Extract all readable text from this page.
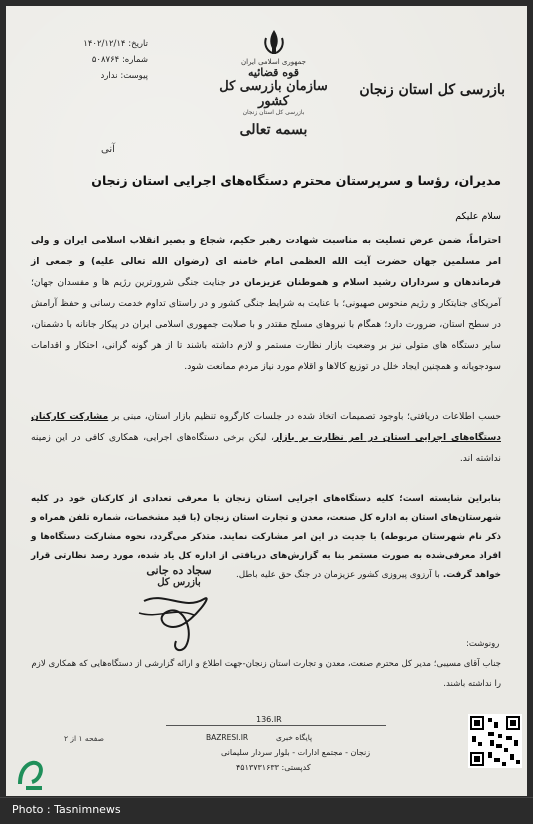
تاریخ: ۱۴۰۲/۱۲/۱۴
شماره: ۵۰۸۷۶۴
پیوست: ندارد
جمهوری اسلامی ایران
قوه قضائیه
سازمان بازرسی کل کشور
بازرسی کل استان زنجان
بسمه تعالی
بازرسی کل استان زنجان
آنی
مدیران، رؤسا و سرپرستان محترم دستگاه‌های اجرایی استان زنجان
سلام علیکم
احتراماً، ضمن عرض تسلیت به مناسبت شهادت رهبر حکیم، شجاع و بصیر انقلاب اسلامی ایران و ولی امر مسلمین جهان حضرت آیت الله العظمی امام خامنه ای (رضوان الله تعالی علیه) و جمعی از فرماندهان و سرداران رشید اسلام و هموطنان عزیزمان در جنایت جنگی شرورترین رژیم ها و مفسدان جهان؛ آمریکای جنایتکار و رژیم منحوس صهیونی؛ با عنایت به شرایط جنگی کشور و در راستای تداوم خدمت رسانی و حفظ آرامش در سطح استان، ضرورت دارد؛ همگام با نیروهای مسلح مقتدر و با صلابت جمهوری اسلامی ایران در پیکار جانانه با دشمنان، سایر دستگاه های متولی نیز بر وضعیت بازار نظارت مستمر و لازم داشته باشند تا از هر گونه گرانی، احتکار و اقدامات سودجویانه و همچنین ایجاد خلل در توزیع کالاها و اقلام مورد نیاز مردم ممانعت شود.
حسب اطلاعات دریافتی؛ باوجود تصمیمات اتخاذ شده در جلسات کارگروه تنظیم بازار استان، مبنی بر مشارکت کارکنان دستگاه‌های اجرایی استان در امر نظارت بر بازار، لیکن برخی دستگاه‌های اجرایی، همکاری کافی در این زمینه نداشته اند.
بنابراین شایسته است؛ کلیه دستگاه‌های اجرایی استان زنجان با معرفی تعدادی از کارکنان خود در کلیه شهرستان‌های استان به اداره کل صنعت، معدن و تجارت استان زنجان (با قید مشخصات، شماره تلفن همراه و ذکر نام شهرستان مربوطه) با جدیت در این امر مشارکت نمایند. متذکر می‌گردد، نحوه مشارکت دستگاه‌ها و افراد معرفی‌شده به صورت مستمر بنا به گزارش‌های دریافتی از اداره کل یاد شده، مورد رصد نظارتی قرار خواهد گرفت. با آرزوی پیروزی کشور عزیزمان در جنگ حق علیه باطل.
سجاد ده جانی
بازرس کل
رونوشت:
جناب آقای مسیبی؛ مدیر کل محترم صنعت، معدن و تجارت استان زنجان-جهت اطلاع و ارائه گزارشی از دستگاه‌هایی که همکاری لازم را نداشته باشند.
136.IR
BAZRESI.IR	پایگاه خبری
زنجان - مجتمع ادارات - بلوار سردار سلیمانی
کدپستی: ۴۵۱۳۷۳۱۶۳۳
صفحه ۱ از ۲
Photo : Tasnimnews
